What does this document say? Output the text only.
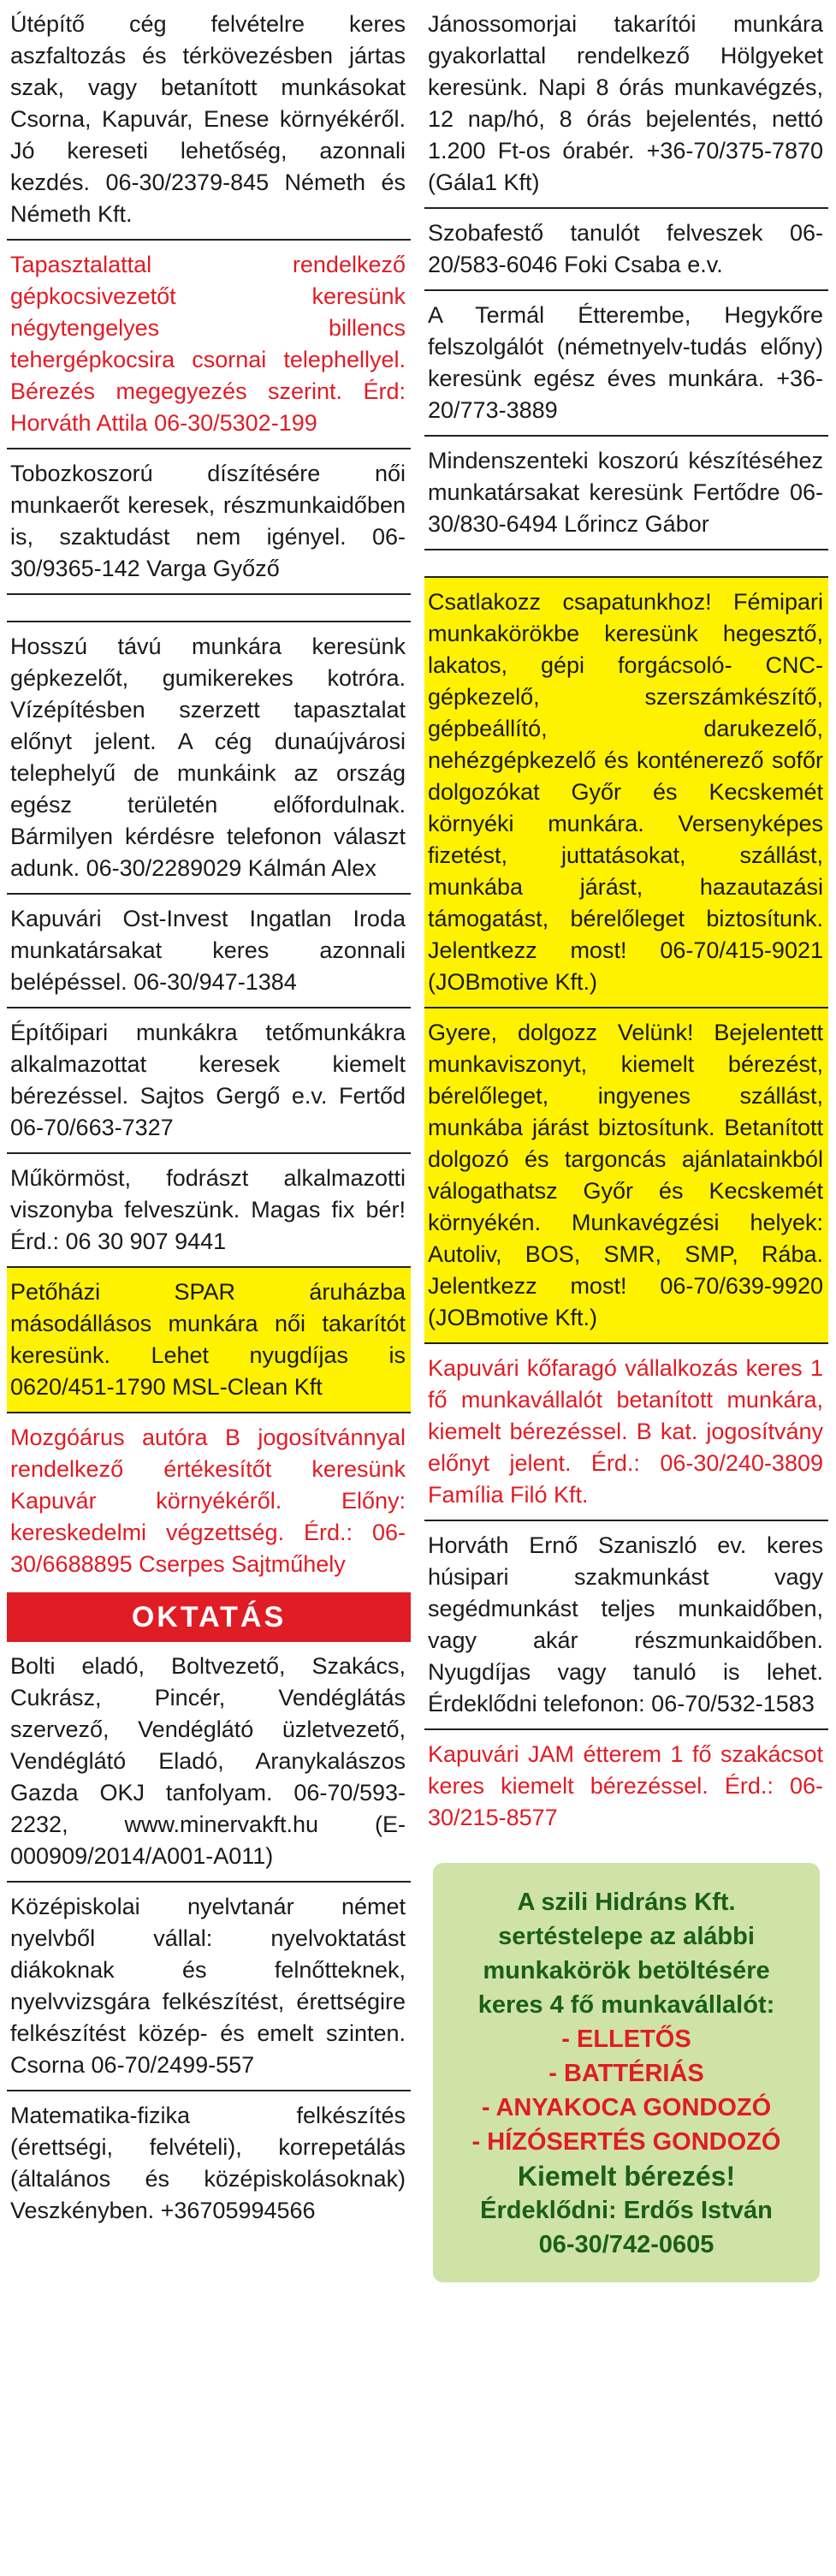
Útépítő cég felvételre keres aszfaltozás és térkövezésben jártas szak, vagy betanított munkásokat Csorna, Kapuvár, Enese környékéről. Jó kereseti lehetőség, azonnali kezdés. 06-30/2379-845 Németh és Németh Kft.
Tapasztalattal rendelkező gépkocsivezetőt keresünk négytengelyes billencs tehergépkocsira csornai telephellyel. Bérezés megegyezés szerint. Érd: Horváth Attila 06-30/5302-199
Tobozkoszorú díszítésére női munkaerőt keresek, részmunkaidőben is, szaktudást nem igényel. 06-30/9365-142 Varga Győző
Hosszú távú munkára keresünk gépkezelőt, gumikerekes kotróra. Vízépítésben szerzett tapasztalat előnyt jelent. A cég dunaújvárosi telephelyű de munkáink az ország egész területén előfordulnak. Bármilyen kérdésre telefonon választ adunk. 06-30/2289029 Kálmán Alex
Kapuvári Ost-Invest Ingatlan Iroda munkatársakat keres azonnali belépéssel. 06-30/947-1384
Építőipari munkákra tetőmunkákra alkalmazottat keresek kiemelt bérezéssel. Sajtos Gergő e.v. Fertőd 06-70/663-7327
Műkörmöst, fodrászt alkalmazotti viszonyba felveszünk. Magas fix bér! Érd.: 06 30 907 9441
Petőházi SPAR áruházba másodállásos munkára női takarítót keresünk. Lehet nyugdíjas is 0620/451-1790 MSL-Clean Kft
Mozgóárus autóra B jogosítvánnyal rendelkező értékesítőt keresünk Kapuvár környékéről. Előny: kereskedelmi végzettség. Érd.: 06-30/6688895 Cserpes Sajtműhely
OKTATÁS
Bolti eladó, Boltvezető, Szakács, Cukrász, Pincér, Vendéglátás szervező, Vendéglátó üzletvezető, Vendéglátó Eladó, Aranykalászos Gazda OKJ tanfolyam. 06-70/593-2232, www.minervakft.hu (E-000909/2014/A001-A011)
Középiskolai nyelvtanár német nyelvből vállal: nyelvoktatást diákoknak és felnőtteknek, nyelvvizsgára felkészítést, érettségire felkészítést közép- és emelt szinten. Csorna 06-70/2499-557
Matematika-fizika felkészítés (érettségi, felvételi), korrepetálás (általános és középiskolásoknak) Veszkényben. +36705994566
Jánossomorjai takarítói munkára gyakorlattal rendelkező Hölgyeket keresünk. Napi 8 órás munkavégzés, 12 nap/hó, 8 órás bejelentés, nettó 1.200 Ft-os órabér. +36-70/375-7870 (Gála1 Kft)
Szobafestő tanulót felveszek 06-20/583-6046 Foki Csaba e.v.
A Termál Étterembe, Hegykőre felszolgálót (németnyelv-tudás előny) keresünk egész éves munkára. +36-20/773-3889
Mindenszenteki koszorú készítéséhez munkatársakat keresünk Fertődre 06-30/830-6494 Lőrincz Gábor
Csatlakozz csapatunkhoz! Fémipari munkakörökbe keresünk hegesztő, lakatos, gépi forgácsoló- CNC-gépkezelő, szerszámkészítő, gépbeállító, darukezelő, nehézgépkezelő és konténerező sofőr dolgozókat Győr és Kecskemét környéki munkára. Versenyképes fizetést, juttatásokat, szállást, munkába járást, hazautazási támogatást, bérelőleget biztosítunk. Jelentkezz most! 06-70/415-9021 (JOBmotive Kft.)
Gyere, dolgozz Velünk! Bejelentett munkaviszonyt, kiemelt bérezést, bérelőleget, ingyenes szállást, munkába járást biztosítunk. Betanított dolgozó és targoncás ajánlatainkból válogathatsz Győr és Kecskemét környékén. Munkavégzési helyek: Autoliv, BOS, SMR, SMP, Rába. Jelentkezz most! 06-70/639-9920 (JOBmotive Kft.)
Kapuvári kőfaragó vállalkozás keres 1 fő munkavállalót betanított munkára, kiemelt bérezéssel. B kat. jogosítvány előnyt jelent. Érd.: 06-30/240-3809 Família Filó Kft.
Horváth Ernő Szaniszló ev. keres húsipari szakmunkást vagy segédmunkást teljes munkaidőben, vagy akár részmunkaidőben. Nyugdíjas vagy tanuló is lehet. Érdeklődni telefonon: 06-70/532-1583
Kapuvári JAM étterem 1 fő szakácsot keres kiemelt bérezéssel. Érd.: 06-30/215-8577
A szili Hidráns Kft.
sertéstelepe az alábbi
munkakörök betöltésére
keres 4 fő munkavállalót:
- ELLETŐS
- BATTÉRIÁS
- ANYAKOCA GONDOZÓ
- HÍZÓSERTÉS GONDOZÓ
Kiemelt bérezés!
Érdeklődni: Erdős István
06-30/742-0605
